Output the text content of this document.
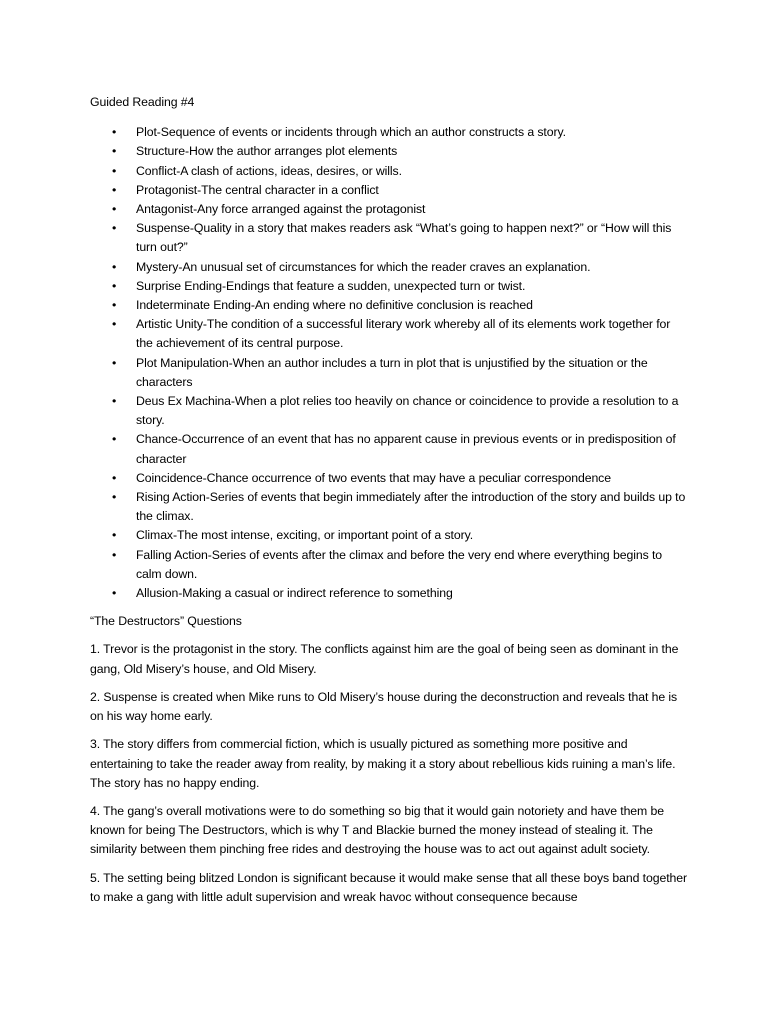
Guided Reading #4

• Plot-Sequence of events or incidents through which an author constructs a story.
• Structure-How the author arranges plot elements
• Conflict-A clash of actions, ideas, desires, or wills.
• Protagonist-The central character in a conflict
• Antagonist-Any force arranged against the protagonist
• Suspense-Quality in a story that makes readers ask “What’s going to happen next?” or “How will this turn out?”
• Mystery-An unusual set of circumstances for which the reader craves an explanation.
• Surprise Ending-Endings that feature a sudden, unexpected turn or twist.
• Indeterminate Ending-An ending where no definitive conclusion is reached
• Artistic Unity-The condition of a successful literary work whereby all of its elements work together for the achievement of its central purpose.
• Plot Manipulation-When an author includes a turn in plot that is unjustified by the situation or the characters
• Deus Ex Machina-When a plot relies too heavily on chance or coincidence to provide a resolution to a story.
• Chance-Occurrence of an event that has no apparent cause in previous events or in predisposition of character
• Coincidence-Chance occurrence of two events that may have a peculiar correspondence
• Rising Action-Series of events that begin immediately after the introduction of the story and builds up to the climax.
• Climax-The most intense, exciting, or important point of a story.
• Falling Action-Series of events after the climax and before the very end where everything begins to calm down.
• Allusion-Making a casual or indirect reference to something

“The Destructors” Questions

1. Trevor is the protagonist in the story. The conflicts against him are the goal of being seen as dominant in the gang, Old Misery’s house, and Old Misery.

2. Suspense is created when Mike runs to Old Misery’s house during the deconstruction and reveals that he is on his way home early.

3. The story differs from commercial fiction, which is usually pictured as something more positive and entertaining to take the reader away from reality, by making it a story about rebellious kids ruining a man’s life. The story has no happy ending.

4. The gang’s overall motivations were to do something so big that it would gain notoriety and have them be known for being The Destructors, which is why T and Blackie burned the money instead of stealing it. The similarity between them pinching free rides and destroying the house was to act out against adult society.

5. The setting being blitzed London is significant because it would make sense that all these boys band together to make a gang with little adult supervision and wreak havoc without consequence because
